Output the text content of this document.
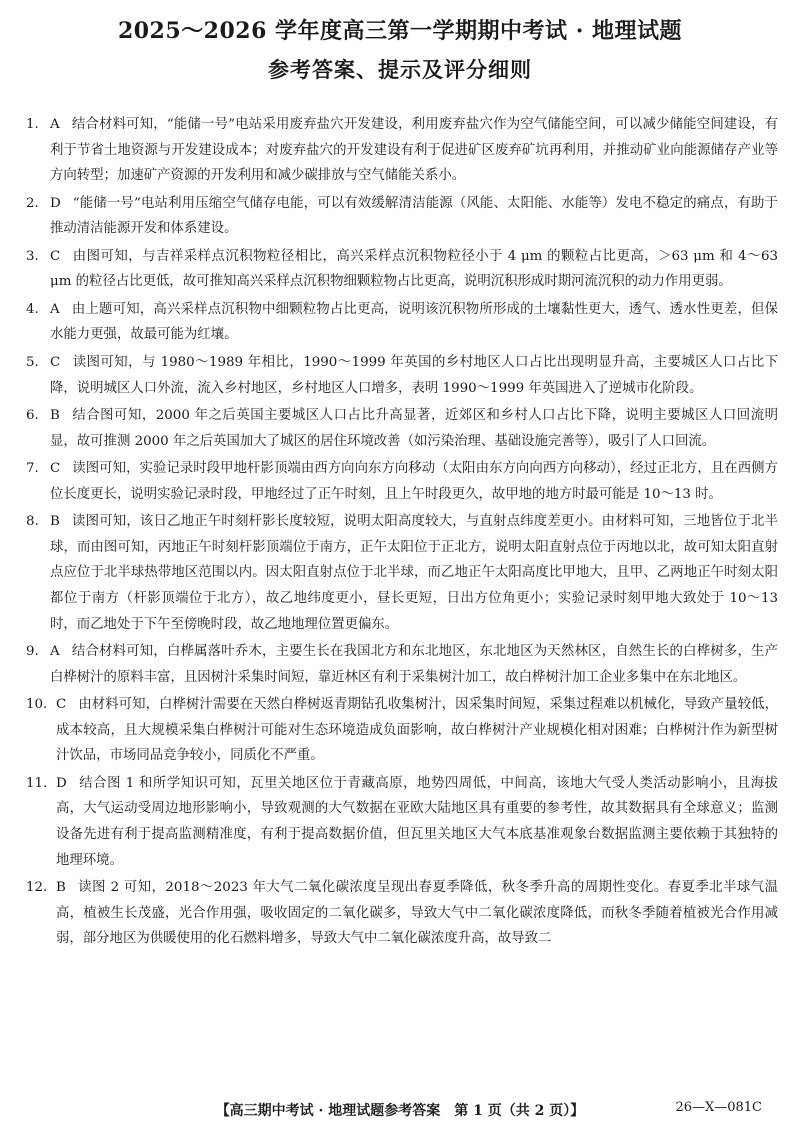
2025～2026 学年度高三第一学期期中考试 · 地理试题
参考答案、提示及评分细则
1. A 结合材料可知，“能储一号”电站采用废弃盐穴开发建设，利用废弃盐穴作为空气储能空间，可以减少储能空间建设，有利于节省土地资源与开发建设成本；对废弃盐穴的开发建设有利于促进矿区废弃矿坑再利用，并推动矿业向能源储存产业等方向转型；加速矿产资源的开发利用和减少碳排放与空气储能关系小。
2. D “能储一号”电站利用压缩空气储存电能，可以有效缓解清洁能源（风能、太阳能、水能等）发电不稳定的痛点，有助于推动清洁能源开发和体系建设。
3. C 由图可知，与吉祥采样点沉积物粒径相比，高兴采样点沉积物粒径小于 4 μm 的颗粒占比更高，＞63 μm 和 4～63 μm 的粒径占比更低，故可推知高兴采样点沉积物细颗粒物占比更高，说明沉积形成时期河流沉积的动力作用更弱。
4. A 由上题可知，高兴采样点沉积物中细颗粒物占比更高，说明该沉积物所形成的土壤黏性更大，透气、透水性更差，但保水能力更强，故最可能为红壤。
5. C 读图可知，与 1980～1989 年相比，1990～1999 年英国的乡村地区人口占比出现明显升高，主要城区人口占比下降，说明城区人口外流，流入乡村地区，乡村地区人口增多，表明 1990～1999 年英国进入了逆城市化阶段。
6. B 结合图可知，2000 年之后英国主要城区人口占比升高显著，近郊区和乡村人口占比下降，说明主要城区人口回流明显，故可推测 2000 年之后英国加大了城区的居住环境改善（如污染治理、基础设施完善等），吸引了人口回流。
7. C 读图可知，实验记录时段甲地杆影顶端由西方向向东方向移动（太阳由东方向向西方向移动），经过正北方，且在西侧方位长度更长，说明实验记录时段，甲地经过了正午时刻，且上午时段更久，故甲地的地方时最可能是 10～13 时。
8. B 读图可知，该日乙地正午时刻杆影长度较短，说明太阳高度较大，与直射点纬度差更小。由材料可知，三地皆位于北半球，而由图可知，丙地正午时刻杆影顶端位于南方，正午太阳位于正北方，说明太阳直射点位于丙地以北，故可知太阳直射点应位于北半球热带地区范围以内。因太阳直射点位于北半球，而乙地正午太阳高度比甲地大，且甲、乙两地正午时刻太阳都位于南方（杆影顶端位于北方），故乙地纬度更小，昼长更短，日出方位角更小；实验记录时刻甲地大致处于 10～13 时，而乙地处于下午至傍晚时段，故乙地地理位置更偏东。
9. A 结合材料可知，白桦属落叶乔木，主要生长在我国北方和东北地区，东北地区为天然林区，自然生长的白桦树多，生产白桦树汁的原料丰富，且因树汁采集时间短，靠近林区有利于采集树汁加工，故白桦树汁加工企业多集中在东北地区。
10. C 由材料可知，白桦树汁需要在天然白桦树返青期钻孔收集树汁，因采集时间短，采集过程难以机械化，导致产量较低，成本较高，且大规模采集白桦树汁可能对生态环境造成负面影响，故白桦树汁产业规模化相对困难；白桦树汁作为新型树汁饮品，市场同品竞争较小，同质化不严重。
11. D 结合图 1 和所学知识可知，瓦里关地区位于青藏高原，地势四周低，中间高，该地大气受人类活动影响小，且海拔高，大气运动受周边地形影响小，导致观测的大气数据在亚欧大陆地区具有重要的参考性，故其数据具有全球意义；监测设备先进有利于提高监测精准度，有利于提高数据价值，但瓦里关地区大气本底基准观象台数据监测主要依赖于其独特的地理环境。
12. B 读图 2 可知，2018～2023 年大气二氧化碳浓度呈现出春夏季降低，秋冬季升高的周期性变化。春夏季北半球气温高，植被生长茂盛，光合作用强，吸收固定的二氧化碳多，导致大气中二氧化碳浓度降低，而秋冬季随着植被光合作用减弱，部分地区为供暖使用的化石燃料增多，导致大气中二氧化碳浓度升高，故导致二
【高三期中考试 · 地理试题参考答案　第 1 页（共 2 页）】	26—X—081C
